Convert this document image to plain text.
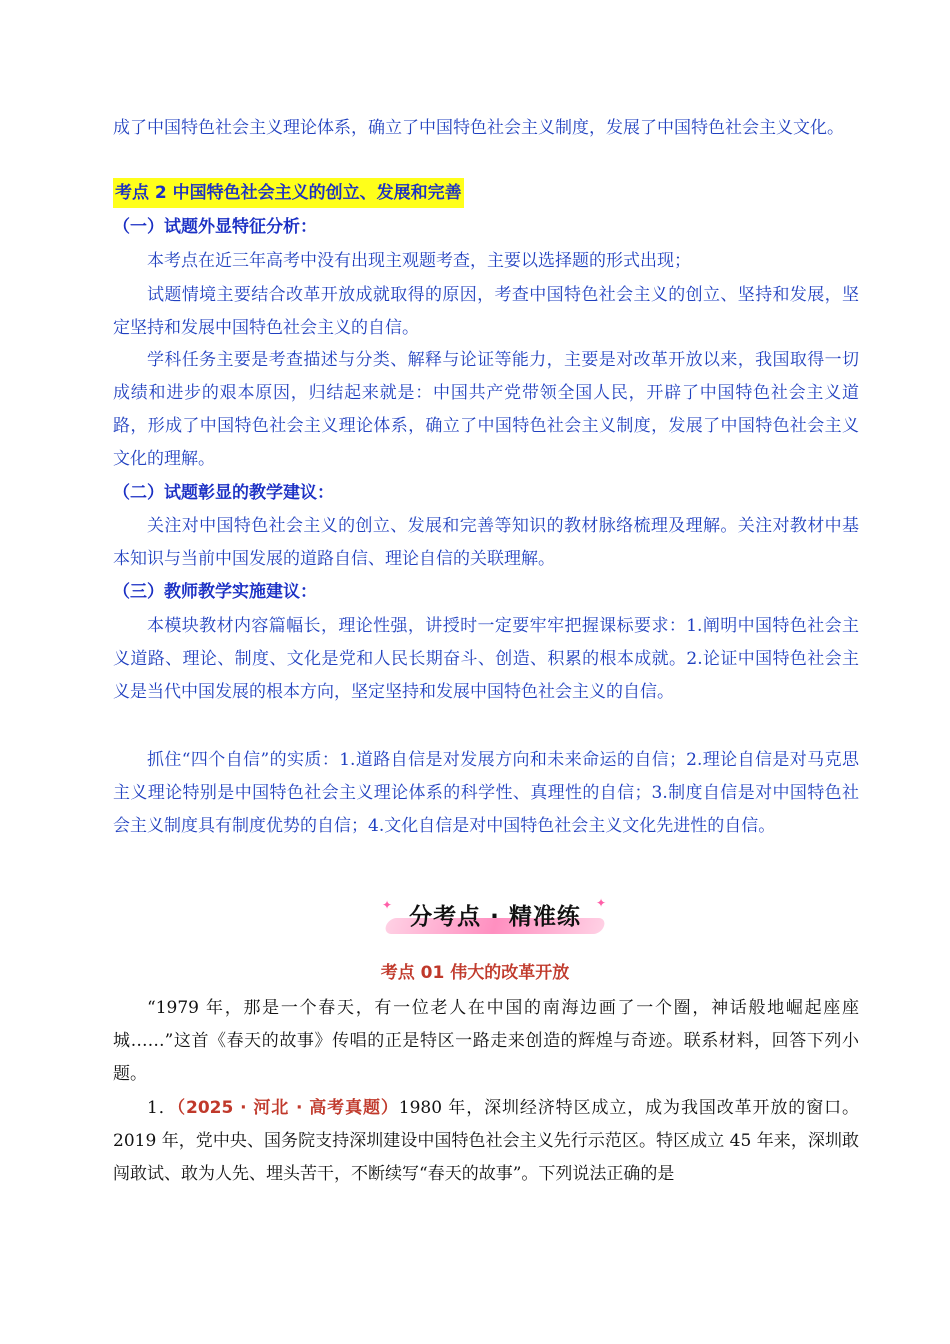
成了中国特色社会主义理论体系，确立了中国特色社会主义制度，发展了中国特色社会主义文化。

考点 2 中国特色社会主义的创立、发展和完善

（一）试题外显特征分析：

本考点在近三年高考中没有出现主观题考查，主要以选择题的形式出现；

试题情境主要结合改革开放成就取得的原因，考查中国特色社会主义的创立、坚持和发展，坚定坚持和发展中国特色社会主义的自信。

学科任务主要是考查描述与分类、解释与论证等能力，主要是对改革开放以来，我国取得一切成绩和进步的艰本原因，归结起来就是：中国共产党带领全国人民，开辟了中国特色社会主义道路，形成了中国特色社会主义理论体系，确立了中国特色社会主义制度，发展了中国特色社会主义文化的理解。

（二）试题彰显的教学建议：

关注对中国特色社会主义的创立、发展和完善等知识的教材脉络梳理及理解。关注对教材中基本知识与当前中国发展的道路自信、理论自信的关联理解。

（三）教师教学实施建议：

本模块教材内容篇幅长，理论性强，讲授时一定要牢牢把握课标要求：1.阐明中国特色社会主义道路、理论、制度、文化是党和人民长期奋斗、创造、积累的根本成就。2.论证中国特色社会主义是当代中国发展的根本方向，坚定坚持和发展中国特色社会主义的自信。

抓住“四个自信”的实质：1.道路自信是对发展方向和未来命运的自信；2.理论自信是对马克思主义理论特别是中国特色社会主义理论体系的科学性、真理性的自信；3.制度自信是对中国特色社会主义制度具有制度优势的自信；4.文化自信是对中国特色社会主义文化先进性的自信。

✦	✦
分考点 · 精准练

考点 01 伟大的改革开放

“1979 年，那是一个春天，有一位老人在中国的南海边画了一个圈，神话般地崛起座座城……”这首《春天的故事》传唱的正是特区一路走来创造的辉煌与奇迹。联系材料，回答下列小题。

1．（2025 · 河北 · 高考真题）1980 年，深圳经济特区成立，成为我国改革开放的窗口。2019 年，党中央、国务院支持深圳建设中国特色社会主义先行示范区。特区成立 45 年来，深圳敢闯敢试、敢为人先、埋头苦干，不断续写“春天的故事”。下列说法正确的是
